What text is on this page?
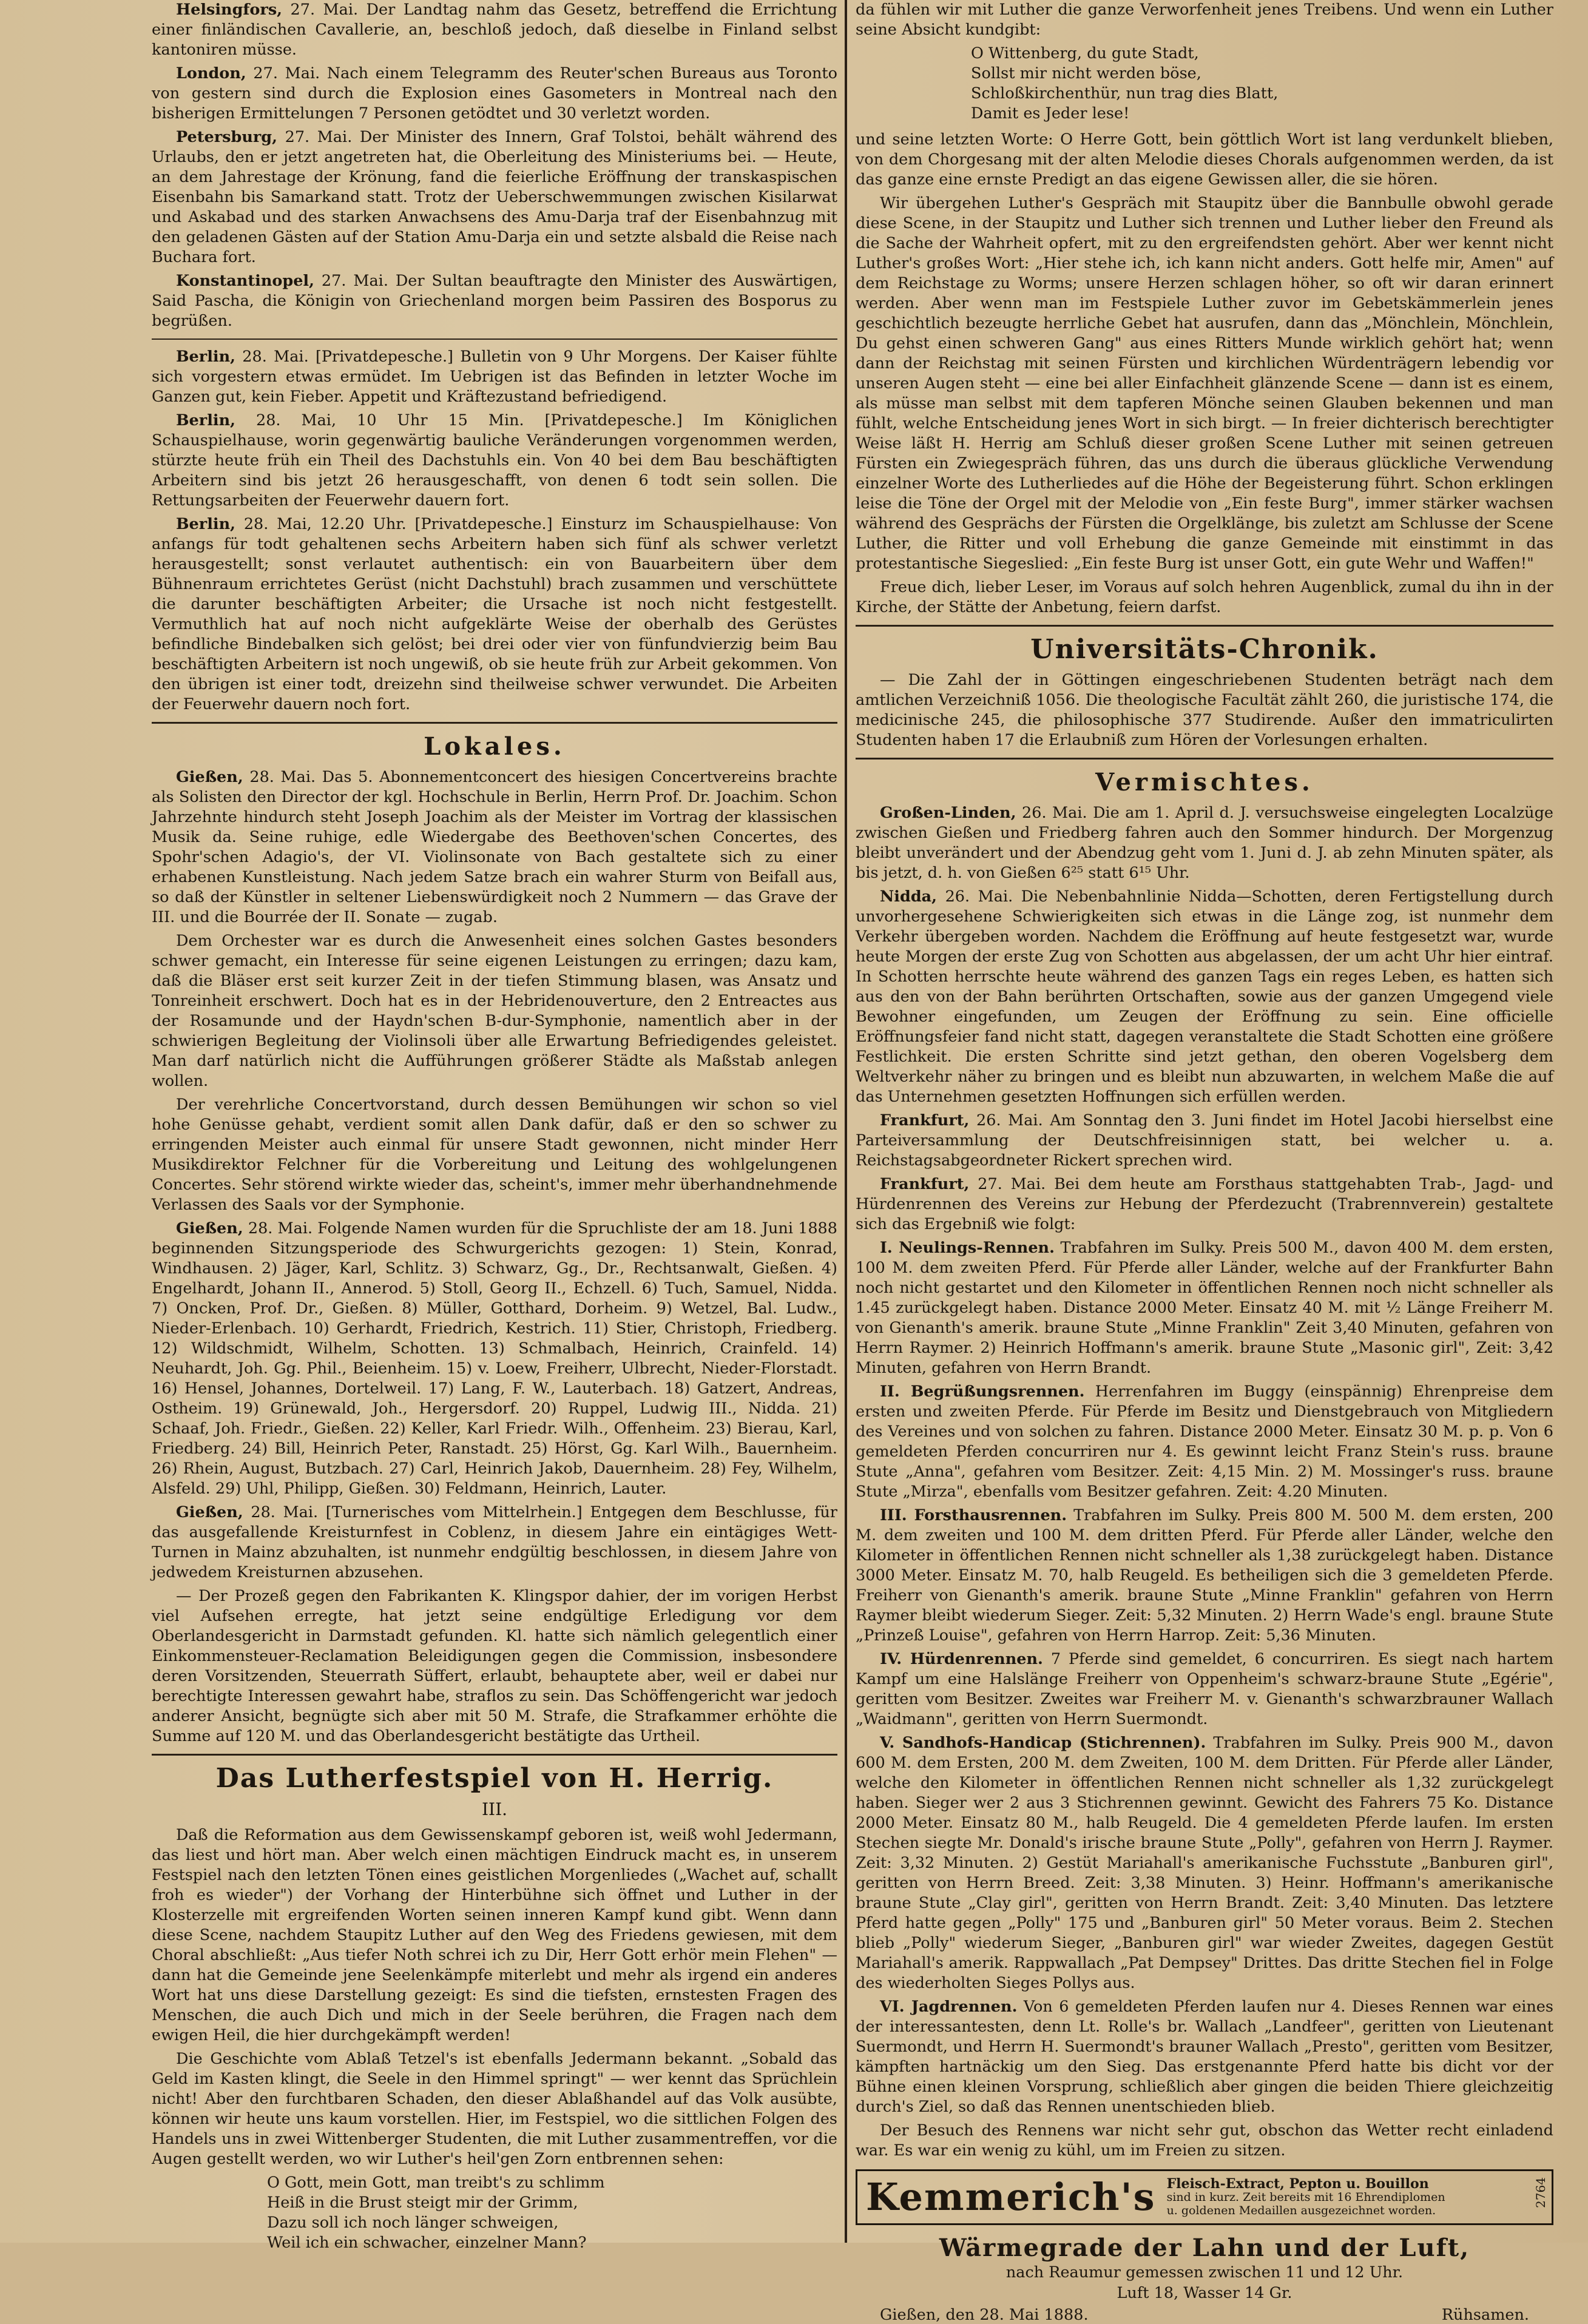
Helsingfors, 27. Mai. Der Landtag nahm das Gesetz, betreffend die Errichtung einer finländischen Cavallerie, an, beschloß jedoch, daß dieselbe in Finland selbst kantoniren müsse.

London, 27. Mai. Nach einem Telegramm des Reuter'schen Bureaus aus Toronto von gestern sind durch die Explosion eines Gasometers in Montreal nach den bisherigen Ermittelungen 7 Personen getödtet und 30 verletzt worden.

Petersburg, 27. Mai. Der Minister des Innern, Graf Tolstoi, behält während des Urlaubs, den er jetzt angetreten hat, die Oberleitung des Ministeriums bei. — Heute, an dem Jahrestage der Krönung, fand die feierliche Eröffnung der transkaspischen Eisenbahn bis Samarkand statt. Trotz der Ueberschwemmungen zwischen Kisilarwat und Askabad und des starken Anwachsens des Amu-Darja traf der Eisenbahnzug mit den geladenen Gästen auf der Station Amu-Darja ein und setzte alsbald die Reise nach Buchara fort.

Konstantinopel, 27. Mai. Der Sultan beauftragte den Minister des Auswärtigen, Said Pascha, die Königin von Griechenland morgen beim Passiren des Bosporus zu begrüßen.

Berlin, 28. Mai. [Privatdepesche.] Bulletin von 9 Uhr Morgens. Der Kaiser fühlte sich vorgestern etwas ermüdet. Im Uebrigen ist das Befinden in letzter Woche im Ganzen gut, kein Fieber. Appetit und Kräftezustand befriedigend.

Berlin, 28. Mai, 10 Uhr 15 Min. [Privatdepesche.] Im Königlichen Schauspielhause, worin gegenwärtig bauliche Veränderungen vorgenommen werden, stürzte heute früh ein Theil des Dachstuhls ein. Von 40 bei dem Bau beschäftigten Arbeitern sind bis jetzt 26 herausgeschafft, von denen 6 todt sein sollen. Die Rettungsarbeiten der Feuerwehr dauern fort.

Berlin, 28. Mai, 12.20 Uhr. [Privatdepesche.] Einsturz im Schauspielhause: Von anfangs für todt gehaltenen sechs Arbeitern haben sich fünf als schwer verletzt herausgestellt; sonst verlautet authentisch: ein von Bauarbeitern über dem Bühnenraum errichtetes Gerüst (nicht Dachstuhl) brach zusammen und verschüttete die darunter beschäftigten Arbeiter; die Ursache ist noch nicht festgestellt. Vermuthlich hat auf noch nicht aufgeklärte Weise der oberhalb des Gerüstes befindliche Bindebalken sich gelöst; bei drei oder vier von fünfundvierzig beim Bau beschäftigten Arbeitern ist noch ungewiß, ob sie heute früh zur Arbeit gekommen. Von den übrigen ist einer todt, dreizehn sind theilweise schwer verwundet. Die Arbeiten der Feuerwehr dauern noch fort.

Lokales.

Gießen, 28. Mai. Das 5. Abonnementconcert des hiesigen Concertvereins brachte als Solisten den Director der kgl. Hochschule in Berlin, Herrn Prof. Dr. Joachim. Schon Jahrzehnte hindurch steht Joseph Joachim als der Meister im Vortrag der klassischen Musik da. Seine ruhige, edle Wiedergabe des Beethoven'schen Concertes, des Spohr'schen Adagio's, der VI. Violinsonate von Bach gestaltete sich zu einer erhabenen Kunstleistung. Nach jedem Satze brach ein wahrer Sturm von Beifall aus, so daß der Künstler in seltener Liebenswürdigkeit noch 2 Nummern — das Grave der III. und die Bourrée der II. Sonate — zugab.

Dem Orchester war es durch die Anwesenheit eines solchen Gastes besonders schwer gemacht, ein Interesse für seine eigenen Leistungen zu erringen; dazu kam, daß die Bläser erst seit kurzer Zeit in der tiefen Stimmung blasen, was Ansatz und Tonreinheit erschwert. Doch hat es in der Hebridenouverture, den 2 Entreactes aus der Rosamunde und der Haydn'schen B-dur-Symphonie, namentlich aber in der schwierigen Begleitung der Violinsoli über alle Erwartung Befriedigendes geleistet. Man darf natürlich nicht die Aufführungen größerer Städte als Maßstab anlegen wollen.

Der verehrliche Concertvorstand, durch dessen Bemühungen wir schon so viel hohe Genüsse gehabt, verdient somit allen Dank dafür, daß er den so schwer zu erringenden Meister auch einmal für unsere Stadt gewonnen, nicht minder Herr Musikdirektor Felchner für die Vorbereitung und Leitung des wohlgelungenen Concertes. Sehr störend wirkte wieder das, scheint's, immer mehr überhandnehmende Verlassen des Saals vor der Symphonie.

Gießen, 28. Mai. Folgende Namen wurden für die Spruchliste der am 18. Juni 1888 beginnenden Sitzungsperiode des Schwurgerichts gezogen: 1) Stein, Konrad, Windhausen. 2) Jäger, Karl, Schlitz. 3) Schwarz, Gg., Dr., Rechtsanwalt, Gießen. 4) Engelhardt, Johann II., Annerod. 5) Stoll, Georg II., Echzell. 6) Tuch, Samuel, Nidda. 7) Oncken, Prof. Dr., Gießen. 8) Müller, Gotthard, Dorheim. 9) Wetzel, Bal. Ludw., Nieder-Erlenbach. 10) Gerhardt, Friedrich, Kestrich. 11) Stier, Christoph, Friedberg. 12) Wildschmidt, Wilhelm, Schotten. 13) Schmalbach, Heinrich, Crainfeld. 14) Neuhardt, Joh. Gg. Phil., Beienheim. 15) v. Loew, Freiherr, Ulbrecht, Nieder-Florstadt. 16) Hensel, Johannes, Dortelweil. 17) Lang, F. W., Lauterbach. 18) Gatzert, Andreas, Ostheim. 19) Grünewald, Joh., Hergersdorf. 20) Ruppel, Ludwig III., Nidda. 21) Schaaf, Joh. Friedr., Gießen. 22) Keller, Karl Friedr. Wilh., Offenheim. 23) Bierau, Karl, Friedberg. 24) Bill, Heinrich Peter, Ranstadt. 25) Hörst, Gg. Karl Wilh., Bauernheim. 26) Rhein, August, Butzbach. 27) Carl, Heinrich Jakob, Dauernheim. 28) Fey, Wilhelm, Alsfeld. 29) Uhl, Philipp, Gießen. 30) Feldmann, Heinrich, Lauter.

Gießen, 28. Mai. [Turnerisches vom Mittelrhein.] Entgegen dem Beschlusse, für das ausgefallende Kreisturnfest in Coblenz, in diesem Jahre ein eintägiges Wett-Turnen in Mainz abzuhalten, ist nunmehr endgültig beschlossen, in diesem Jahre von jedwedem Kreisturnen abzusehen.

— Der Prozeß gegen den Fabrikanten K. Klingspor dahier, der im vorigen Herbst viel Aufsehen erregte, hat jetzt seine endgültige Erledigung vor dem Oberlandesgericht in Darmstadt gefunden. Kl. hatte sich nämlich gelegentlich einer Einkommensteuer-Reclamation Beleidigungen gegen die Commission, insbesondere deren Vorsitzenden, Steuerrath Süffert, erlaubt, behauptete aber, weil er dabei nur berechtigte Interessen gewahrt habe, straflos zu sein. Das Schöffengericht war jedoch anderer Ansicht, begnügte sich aber mit 50 M. Strafe, die Strafkammer erhöhte die Summe auf 120 M. und das Oberlandesgericht bestätigte das Urtheil.

Das Lutherfestspiel von H. Herrig.
III.

Daß die Reformation aus dem Gewissenskampf geboren ist, weiß wohl Jedermann, das liest und hört man. Aber welch einen mächtigen Eindruck macht es, in unserem Festspiel nach den letzten Tönen eines geistlichen Morgenliedes („Wachet auf, schallt froh es wieder") der Vorhang der Hinterbühne sich öffnet und Luther in der Klosterzelle mit ergreifenden Worten seinen inneren Kampf kund gibt. Wenn dann diese Scene, nachdem Staupitz Luther auf den Weg des Friedens gewiesen, mit dem Choral abschließt: „Aus tiefer Noth schrei ich zu Dir, Herr Gott erhör mein Flehen" — dann hat die Gemeinde jene Seelenkämpfe miterlebt und mehr als irgend ein anderes Wort hat uns diese Darstellung gezeigt: Es sind die tiefsten, ernstesten Fragen des Menschen, die auch Dich und mich in der Seele berühren, die Fragen nach dem ewigen Heil, die hier durchgekämpft werden!

Die Geschichte vom Ablaß Tetzel's ist ebenfalls Jedermann bekannt. „Sobald das Geld im Kasten klingt, die Seele in den Himmel springt" — wer kennt das Sprüchlein nicht! Aber den furchtbaren Schaden, den dieser Ablaßhandel auf das Volk ausübte, können wir heute uns kaum vorstellen. Hier, im Festspiel, wo die sittlichen Folgen des Handels uns in zwei Wittenberger Studenten, die mit Luther zusammentreffen, vor die Augen gestellt werden, wo wir Luther's heil'gen Zorn entbrennen sehen:

O Gott, mein Gott, man treibt's zu schlimm

Heiß in die Brust steigt mir der Grimm,

Dazu soll ich noch länger schweigen,

Weil ich ein schwacher, einzelner Mann?

da fühlen wir mit Luther die ganze Verworfenheit jenes Treibens. Und wenn ein Luther seine Absicht kundgibt:

O Wittenberg, du gute Stadt,

Sollst mir nicht werden böse,

Schloßkirchenthür, nun trag dies Blatt,

Damit es Jeder lese!

und seine letzten Worte: O Herre Gott, bein göttlich Wort ist lang verdunkelt blieben, von dem Chorgesang mit der alten Melodie dieses Chorals aufgenommen werden, da ist das ganze eine ernste Predigt an das eigene Gewissen aller, die sie hören.

Wir übergehen Luther's Gespräch mit Staupitz über die Bannbulle obwohl gerade diese Scene, in der Staupitz und Luther sich trennen und Luther lieber den Freund als die Sache der Wahrheit opfert, mit zu den ergreifendsten gehört. Aber wer kennt nicht Luther's großes Wort: „Hier stehe ich, ich kann nicht anders. Gott helfe mir, Amen" auf dem Reichstage zu Worms; unsere Herzen schlagen höher, so oft wir daran erinnert werden. Aber wenn man im Festspiele Luther zuvor im Gebetskämmerlein jenes geschichtlich bezeugte herrliche Gebet hat ausrufen, dann das „Mönchlein, Mönchlein, Du gehst einen schweren Gang" aus eines Ritters Munde wirklich gehört hat; wenn dann der Reichstag mit seinen Fürsten und kirchlichen Würdenträgern lebendig vor unseren Augen steht — eine bei aller Einfachheit glänzende Scene — dann ist es einem, als müsse man selbst mit dem tapferen Mönche seinen Glauben bekennen und man fühlt, welche Entscheidung jenes Wort in sich birgt. — In freier dichterisch berechtigter Weise läßt H. Herrig am Schluß dieser großen Scene Luther mit seinen getreuen Fürsten ein Zwiegespräch führen, das uns durch die überaus glückliche Verwendung einzelner Worte des Lutherliedes auf die Höhe der Begeisterung führt. Schon erklingen leise die Töne der Orgel mit der Melodie von „Ein feste Burg", immer stärker wachsen während des Gesprächs der Fürsten die Orgelklänge, bis zuletzt am Schlusse der Scene Luther, die Ritter und voll Erhebung die ganze Gemeinde mit einstimmt in das protestantische Siegeslied: „Ein feste Burg ist unser Gott, ein gute Wehr und Waffen!"

Freue dich, lieber Leser, im Voraus auf solch hehren Augenblick, zumal du ihn in der Kirche, der Stätte der Anbetung, feiern darfst.

Universitäts-Chronik.

— Die Zahl der in Göttingen eingeschriebenen Studenten beträgt nach dem amtlichen Verzeichniß 1056. Die theologische Facultät zählt 260, die juristische 174, die medicinische 245, die philosophische 377 Studirende. Außer den immatriculirten Studenten haben 17 die Erlaubniß zum Hören der Vorlesungen erhalten.

Vermischtes.

Großen-Linden, 26. Mai. Die am 1. April d. J. versuchsweise eingelegten Localzüge zwischen Gießen und Friedberg fahren auch den Sommer hindurch. Der Morgenzug bleibt unverändert und der Abendzug geht vom 1. Juni d. J. ab zehn Minuten später, als bis jetzt, d. h. von Gießen 6²⁵ statt 6¹⁵ Uhr.

Nidda, 26. Mai. Die Nebenbahnlinie Nidda—Schotten, deren Fertigstellung durch unvorhergesehene Schwierigkeiten sich etwas in die Länge zog, ist nunmehr dem Verkehr übergeben worden. Nachdem die Eröffnung auf heute festgesetzt war, wurde heute Morgen der erste Zug von Schotten aus abgelassen, der um acht Uhr hier eintraf. In Schotten herrschte heute während des ganzen Tags ein reges Leben, es hatten sich aus den von der Bahn berührten Ortschaften, sowie aus der ganzen Umgegend viele Bewohner eingefunden, um Zeugen der Eröffnung zu sein. Eine officielle Eröffnungsfeier fand nicht statt, dagegen veranstaltete die Stadt Schotten eine größere Festlichkeit. Die ersten Schritte sind jetzt gethan, den oberen Vogelsberg dem Weltverkehr näher zu bringen und es bleibt nun abzuwarten, in welchem Maße die auf das Unternehmen gesetzten Hoffnungen sich erfüllen werden.

Frankfurt, 26. Mai. Am Sonntag den 3. Juni findet im Hotel Jacobi hierselbst eine Parteiversammlung der Deutschfreisinnigen statt, bei welcher u. a. Reichstagsabgeordneter Rickert sprechen wird.

Frankfurt, 27. Mai. Bei dem heute am Forsthaus stattgehabten Trab-, Jagd- und Hürdenrennen des Vereins zur Hebung der Pferdezucht (Trabrennverein) gestaltete sich das Ergebniß wie folgt:

I. Neulings-Rennen. Trabfahren im Sulky. Preis 500 M., davon 400 M. dem ersten, 100 M. dem zweiten Pferd. Für Pferde aller Länder, welche auf der Frankfurter Bahn noch nicht gestartet und den Kilometer in öffentlichen Rennen noch nicht schneller als 1.45 zurückgelegt haben. Distance 2000 Meter. Einsatz 40 M. mit ½ Länge Freiherr M. von Gienanth's amerik. braune Stute „Minne Franklin" Zeit 3,40 Minuten, gefahren von Herrn Raymer. 2) Heinrich Hoffmann's amerik. braune Stute „Masonic girl", Zeit: 3,42 Minuten, gefahren von Herrn Brandt.

II. Begrüßungsrennen. Herrenfahren im Buggy (einspännig) Ehrenpreise dem ersten und zweiten Pferde. Für Pferde im Besitz und Dienstgebrauch von Mitgliedern des Vereines und von solchen zu fahren. Distance 2000 Meter. Einsatz 30 M. p. p. Von 6 gemeldeten Pferden concurriren nur 4. Es gewinnt leicht Franz Stein's russ. braune Stute „Anna", gefahren vom Besitzer. Zeit: 4,15 Min. 2) M. Mossinger's russ. braune Stute „Mirza", ebenfalls vom Besitzer gefahren. Zeit: 4.20 Minuten.

III. Forsthausrennen. Trabfahren im Sulky. Preis 800 M. 500 M. dem ersten, 200 M. dem zweiten und 100 M. dem dritten Pferd. Für Pferde aller Länder, welche den Kilometer in öffentlichen Rennen nicht schneller als 1,38 zurückgelegt haben. Distance 3000 Meter. Einsatz M. 70, halb Reugeld. Es betheiligen sich die 3 gemeldeten Pferde. Freiherr von Gienanth's amerik. braune Stute „Minne Franklin" gefahren von Herrn Raymer bleibt wiederum Sieger. Zeit: 5,32 Minuten. 2) Herrn Wade's engl. braune Stute „Prinzeß Louise", gefahren von Herrn Harrop. Zeit: 5,36 Minuten.

IV. Hürdenrennen. 7 Pferde sind gemeldet, 6 concurriren. Es siegt nach hartem Kampf um eine Halslänge Freiherr von Oppenheim's schwarz-braune Stute „Egérie", geritten vom Besitzer. Zweites war Freiherr M. v. Gienanth's schwarzbrauner Wallach „Waidmann", geritten von Herrn Suermondt.

V. Sandhofs-Handicap (Stichrennen). Trabfahren im Sulky. Preis 900 M., davon 600 M. dem Ersten, 200 M. dem Zweiten, 100 M. dem Dritten. Für Pferde aller Länder, welche den Kilometer in öffentlichen Rennen nicht schneller als 1,32 zurückgelegt haben. Sieger wer 2 aus 3 Stichrennen gewinnt. Gewicht des Fahrers 75 Ko. Distance 2000 Meter. Einsatz 80 M., halb Reugeld. Die 4 gemeldeten Pferde laufen. Im ersten Stechen siegte Mr. Donald's irische braune Stute „Polly", gefahren von Herrn J. Raymer. Zeit: 3,32 Minuten. 2) Gestüt Mariahall's amerikanische Fuchsstute „Banburen girl", geritten von Herrn Breed. Zeit: 3,38 Minuten. 3) Heinr. Hoffmann's amerikanische braune Stute „Clay girl", geritten von Herrn Brandt. Zeit: 3,40 Minuten. Das letztere Pferd hatte gegen „Polly" 175 und „Banburen girl" 50 Meter voraus. Beim 2. Stechen blieb „Polly" wiederum Sieger, „Banburen girl" war wieder Zweites, dagegen Gestüt Mariahall's amerik. Rappwallach „Pat Dempsey" Drittes. Das dritte Stechen fiel in Folge des wiederholten Sieges Pollys aus.

VI. Jagdrennen. Von 6 gemeldeten Pferden laufen nur 4. Dieses Rennen war eines der interessantesten, denn Lt. Rolle's br. Wallach „Landfeer", geritten von Lieutenant Suermondt, und Herrn H. Suermondt's brauner Wallach „Presto", geritten vom Besitzer, kämpften hartnäckig um den Sieg. Das erstgenannte Pferd hatte bis dicht vor der Bühne einen kleinen Vorsprung, schließlich aber gingen die beiden Thiere gleichzeitig durch's Ziel, so daß das Rennen unentschieden blieb.

Der Besuch des Rennens war nicht sehr gut, obschon das Wetter recht einladend war. Es war ein wenig zu kühl, um im Freien zu sitzen.

Kemmerich's Fleisch-Extract, Pepton u. Bouillon
sind in kurz. Zeit bereits mit 16 Ehrendiplomen
u. goldenen Medaillen ausgezeichnet worden.
2764
Wärmegrade der Lahn und der Luft,
nach Reaumur gemessen zwischen 11 und 12 Uhr.
Luft 18, Wasser 14 Gr.
Gießen, den 28. Mai 1888.	Rühsamen.
